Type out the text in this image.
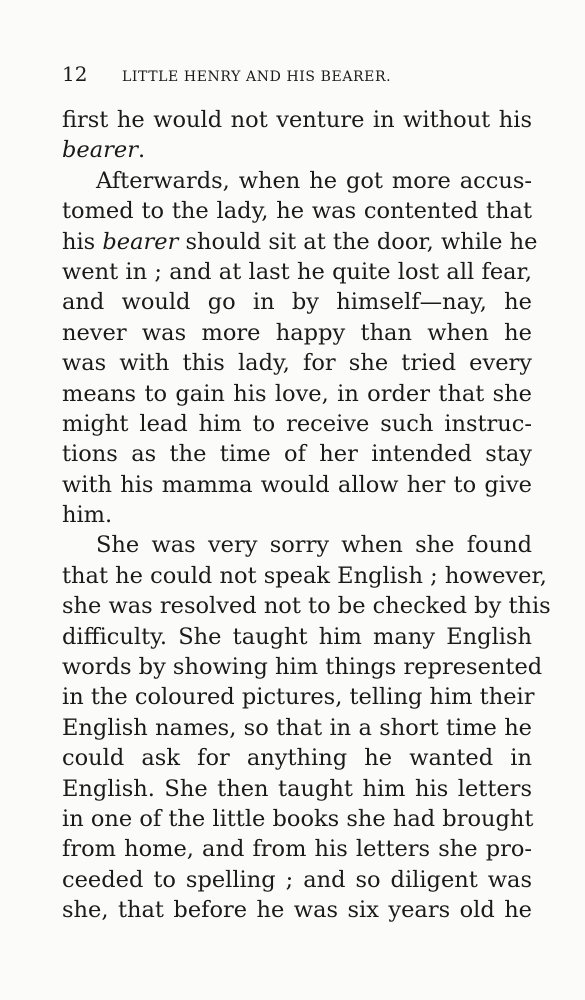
12	LITTLE HENRY AND HIS BEARER.
first he would not venture in without his
bearer.
Afterwards, when he got more accus-
tomed to the lady, he was contented that
his bearer should sit at the door, while he
went in ; and at last he quite lost all fear,
and would go in by himself—nay, he
never was more happy than when he
was with this lady, for she tried every
means to gain his love, in order that she
might lead him to receive such instruc-
tions as the time of her intended stay
with his mamma would allow her to give
him.
She was very sorry when she found
that he could not speak English ; however,
she was resolved not to be checked by this
difficulty. She taught him many English
words by showing him things represented
in the coloured pictures, telling him their
English names, so that in a short time he
could ask for anything he wanted in
English. She then taught him his letters
in one of the little books she had brought
from home, and from his letters she pro-
ceeded to spelling ; and so diligent was
she, that before he was six years old he
